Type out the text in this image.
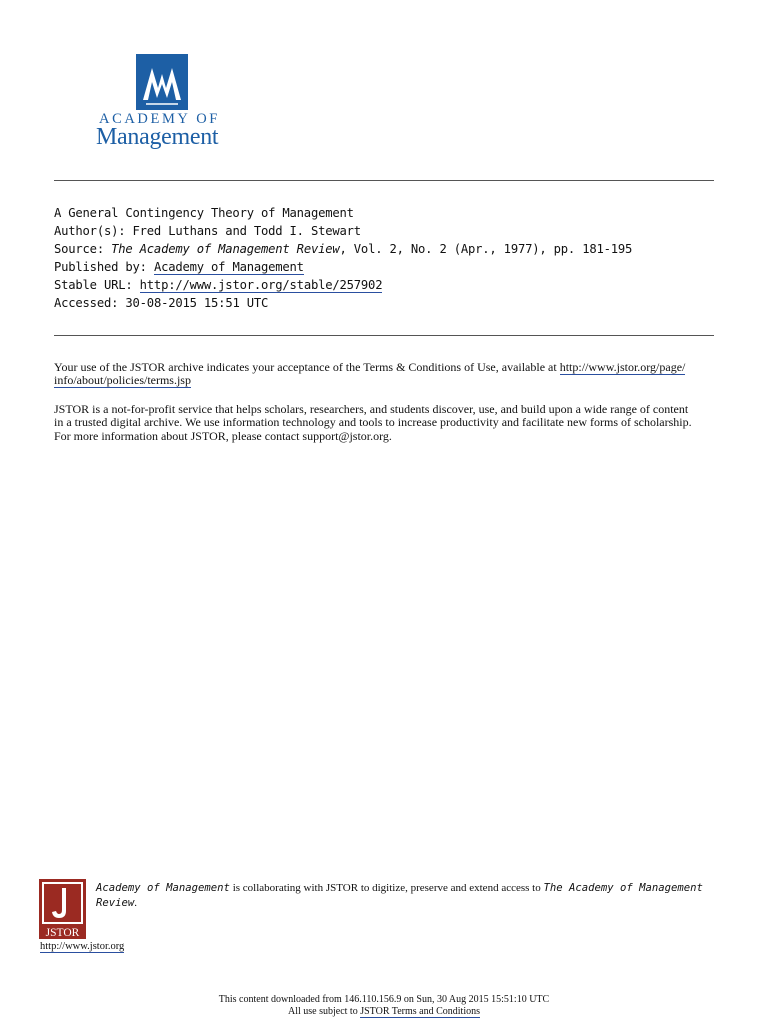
ACADEMY OF
Management
A General Contingency Theory of Management
Author(s): Fred Luthans and Todd I. Stewart
Source: The Academy of Management Review, Vol. 2, No. 2 (Apr., 1977), pp. 181-195
Published by: Academy of Management
Stable URL: http://www.jstor.org/stable/257902
Accessed: 30-08-2015 15:51 UTC
Your use of the JSTOR archive indicates your acceptance of the Terms & Conditions of Use, available at http://www.jstor.org/page/
info/about/policies/terms.jsp
JSTOR is a not-for-profit service that helps scholars, researchers, and students discover, use, and build upon a wide range of content
in a trusted digital archive. We use information technology and tools to increase productivity and facilitate new forms of scholarship.
For more information about JSTOR, please contact support@jstor.org.
JSTOR
http://www.jstor.org
Academy of Management is collaborating with JSTOR to digitize, preserve and extend access to The Academy of Management
Review.
This content downloaded from 146.110.156.9 on Sun, 30 Aug 2015 15:51:10 UTC
All use subject to JSTOR Terms and Conditions
